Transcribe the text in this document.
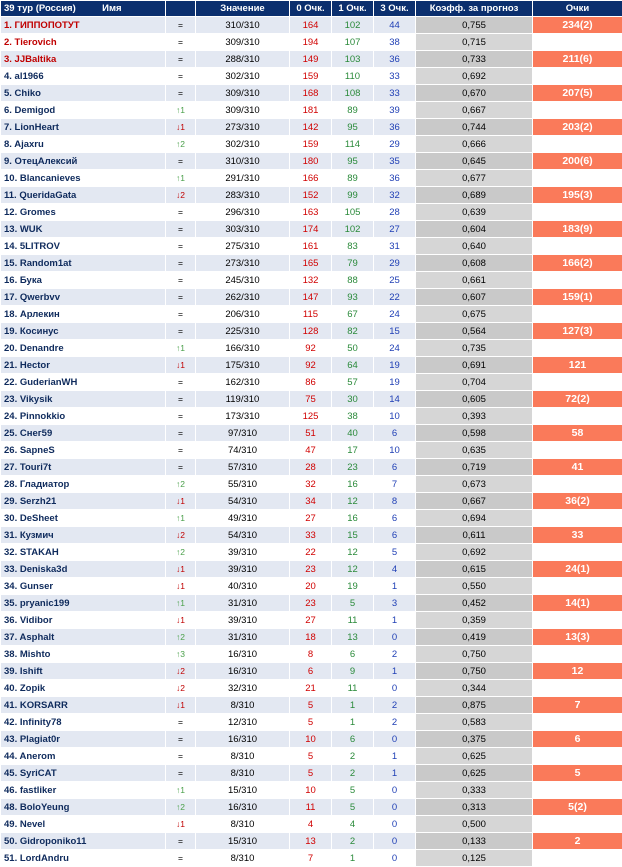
39 тур (Россия) Имя		Значение	0 Очк.	1 Очк.	3 Очк.	Коэфф. за прогноз	Очки
1. ГИППОПОТУТ	=	310/310	164	102	44	0,755	234(2)
2. Tierovich	=	309/310	194	107	38	0,715	221(9)
3. JJBaltika	=	288/310	149	103	36	0,733	211(6)
4. al1966	=	302/310	159	110	33	0,692	209(4)
5. Chiko	=	309/310	168	108	33	0,670	207(5)
6. Demigod	↑1	309/310	181	89	39	0,667	206(5)
7. LionHeart	↓1	273/310	142	95	36	0,744	203(2)
8. Ajaxru	↑2	302/310	159	114	29	0,666	201(9)
9. ОтецАлексий	=	310/310	180	95	35	0,645	200(6)
10. Blancanieves	↑1	291/310	166	89	36	0,677	197(9)
11. QueridaGata	↓2	283/310	152	99	32	0,689	195(3)
12. Gromes	=	296/310	163	105	28	0,639	189(5)
13. WUK	=	303/310	174	102	27	0,604	183(9)
14. 5LITROV	=	275/310	161	83	31	0,640	176(6)
15. Random1at	=	273/310	165	79	29	0,608	166(2)
16. Бука	=	245/310	132	88	25	0,661	162(4)
17. Qwerbvv	=	262/310	147	93	22	0,607	159(1)
18. Арлекин	=	206/310	115	67	24	0,675	139(1)
19. Косинус	=	225/310	128	82	15	0,564	127(3)
20. Denandre	↑1	166/310	92	50	24	0,735	122(2)
21. Hector	↓1	175/310	92	64	19	0,691	121
22. GuderianWH	=	162/310	86	57	19	0,704	114(2)
23. Vikysik	=	119/310	75	30	14	0,605	72(2)
24. Pinnokkio	=	173/310	125	38	10	0,393	68
25. Снег59	=	97/310	51	40	6	0,598	58
26. SapneS	=	74/310	47	17	10	0,635	47
27. Touri7t	=	57/310	28	23	6	0,719	41
28. Гладиатор	↑2	55/310	32	16	7	0,673	37(5)
29. Serzh21	↓1	54/310	34	12	8	0,667	36(2)
30. DeSheet	↑1	49/310	27	16	6	0,694	34(7)
31. Кузмич	↓2	54/310	33	15	6	0,611	33
32. STAKAH	↑2	39/310	22	12	5	0,692	27(8)
33. Deniska3d	↓1	39/310	23	12	4	0,615	24(1)
34. Gunser	↓1	40/310	20	19	1	0,550	22
35. pryanic199	↑1	31/310	23	5	3	0,452	14(1)
36. Vidibor	↓1	39/310	27	11	1	0,359	14
37. Asphalt	↑2	31/310	18	13	0	0,419	13(3)
38. Mishto	↑3	16/310	8	6	2	0,750	12(5)
39. Ishift	↓2	16/310	6	9	1	0,750	12
40. Zopik	↓2	32/310	21	11	0	0,344	11
41. KORSARR	↓1	8/310	5	1	2	0,875	7
42. Infinity78	=	12/310	5	1	2	0,583	7
43. Plagiat0r	=	16/310	10	6	0	0,375	6
44. Anerom	=	8/310	5	2	1	0,625	5
45. SyriCAT	=	8/310	5	2	1	0,625	5
46. fastliker	↑1	15/310	10	5	0	0,333	5(1)
48. BoloYeung	↑2	16/310	11	5	0	0,313	5(2)
49. Nevel	↓1	8/310	4	4	0	0,500	4
50. Gidroponiko11	=	15/310	13	2	0	0,133	2
51. LordAndru	=	8/310	7	1	0	0,125	1(1)
